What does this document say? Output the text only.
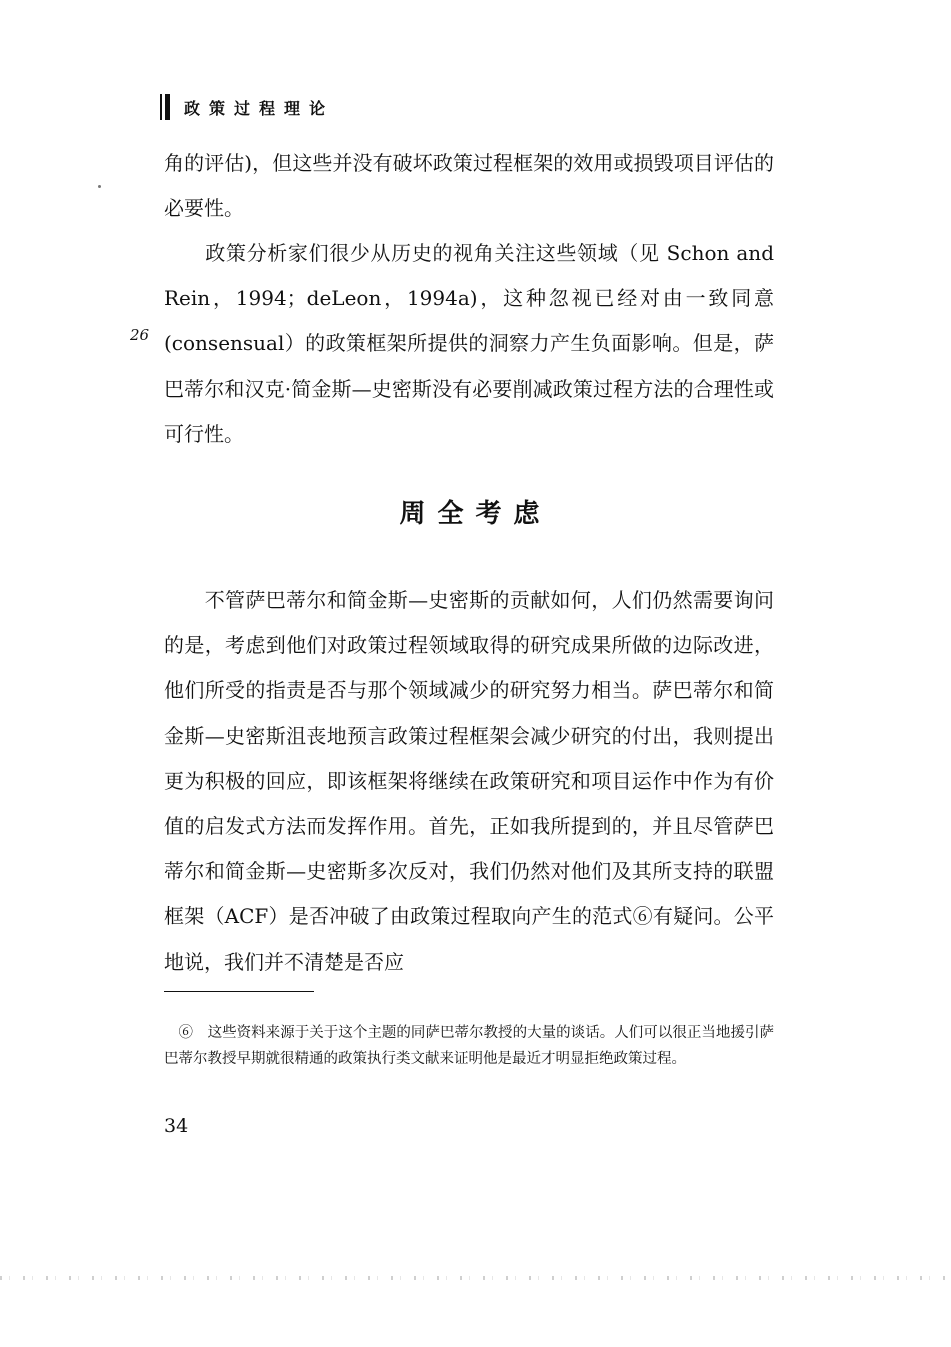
政策过程理论
角的评估)，但这些并没有破坏政策过程框架的效用或损毁项目评估的必要性。
　　政策分析家们很少从历史的视角关注这些领域（见 Schon and Rein，1994；deLeon，1994a)，这种忽视已经对由一致同意(consensual）的政策框架所提供的洞察力产生负面影响。但是，萨巴蒂尔和汉克·简金斯—史密斯没有必要削减政策过程方法的合理性或可行性。
26
周全考虑
　　不管萨巴蒂尔和简金斯—史密斯的贡献如何，人们仍然需要询问的是，考虑到他们对政策过程领域取得的研究成果所做的边际改进，他们所受的指责是否与那个领域减少的研究努力相当。萨巴蒂尔和简金斯—史密斯沮丧地预言政策过程框架会减少研究的付出，我则提出更为积极的回应，即该框架将继续在政策研究和项目运作中作为有价值的启发式方法而发挥作用。首先，正如我所提到的，并且尽管萨巴蒂尔和简金斯—史密斯多次反对，我们仍然对他们及其所支持的联盟框架（ACF）是否冲破了由政策过程取向产生的范式⑥有疑问。公平地说，我们并不清楚是否应
　⑥　这些资料来源于关于这个主题的同萨巴蒂尔教授的大量的谈话。人们可以很正当地援引萨巴蒂尔教授早期就很精通的政策执行类文献来证明他是最近才明显拒绝政策过程。
34
